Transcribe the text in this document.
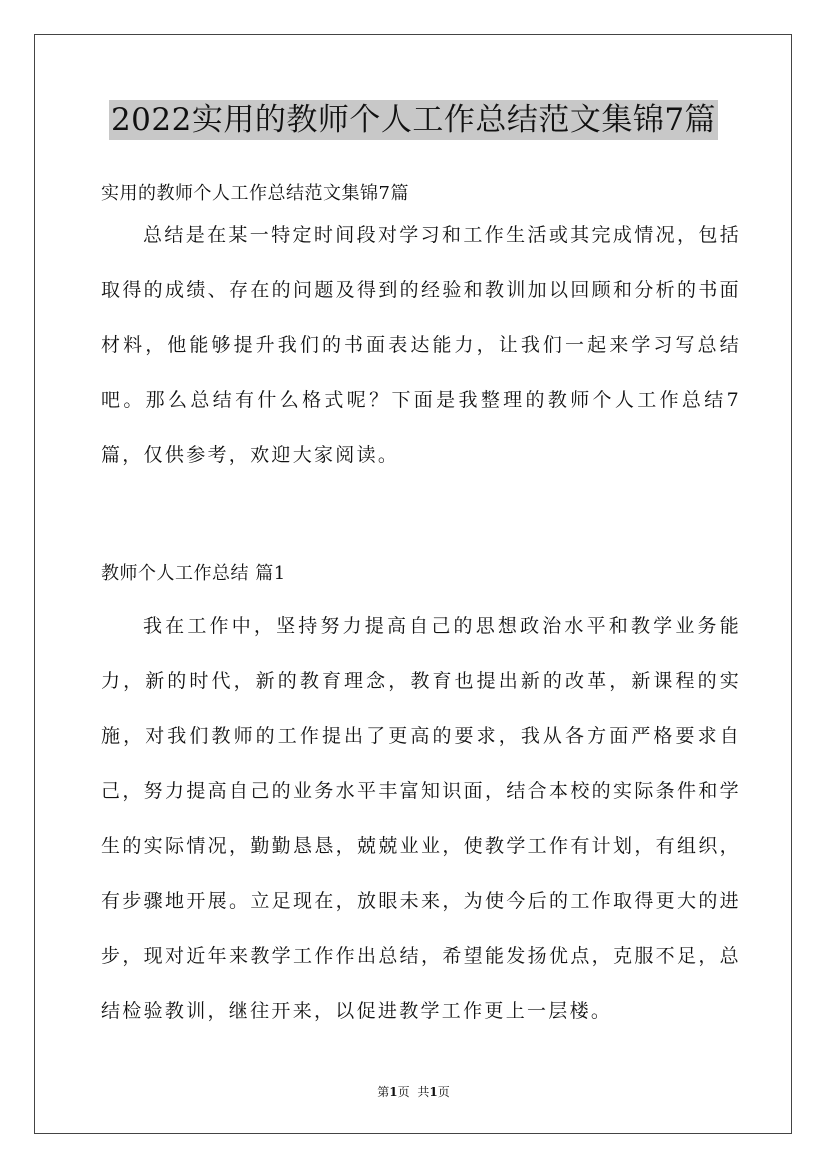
2022实用的教师个人工作总结范文集锦7篇
实用的教师个人工作总结范文集锦7篇

总结是在某一特定时间段对学习和工作生活或其完成情况，包括取得的成绩、存在的问题及得到的经验和教训加以回顾和分析的书面材料，他能够提升我们的书面表达能力，让我们一起来学习写总结吧。那么总结有什么格式呢？下面是我整理的教师个人工作总结7篇，仅供参考，欢迎大家阅读。

教师个人工作总结 篇1

我在工作中，坚持努力提高自己的思想政治水平和教学业务能力，新的时代，新的教育理念，教育也提出新的改革，新课程的实施，对我们教师的工作提出了更高的要求，我从各方面严格要求自己，努力提高自己的业务水平丰富知识面，结合本校的实际条件和学生的实际情况，勤勤恳恳，兢兢业业，使教学工作有计划，有组织，有步骤地开展。立足现在，放眼未来，为使今后的工作取得更大的进步，现对近年来教学工作作出总结，希望能发扬优点，克服不足，总结检验教训，继往开来，以促进教学工作更上一层楼。

第1页 共1页
